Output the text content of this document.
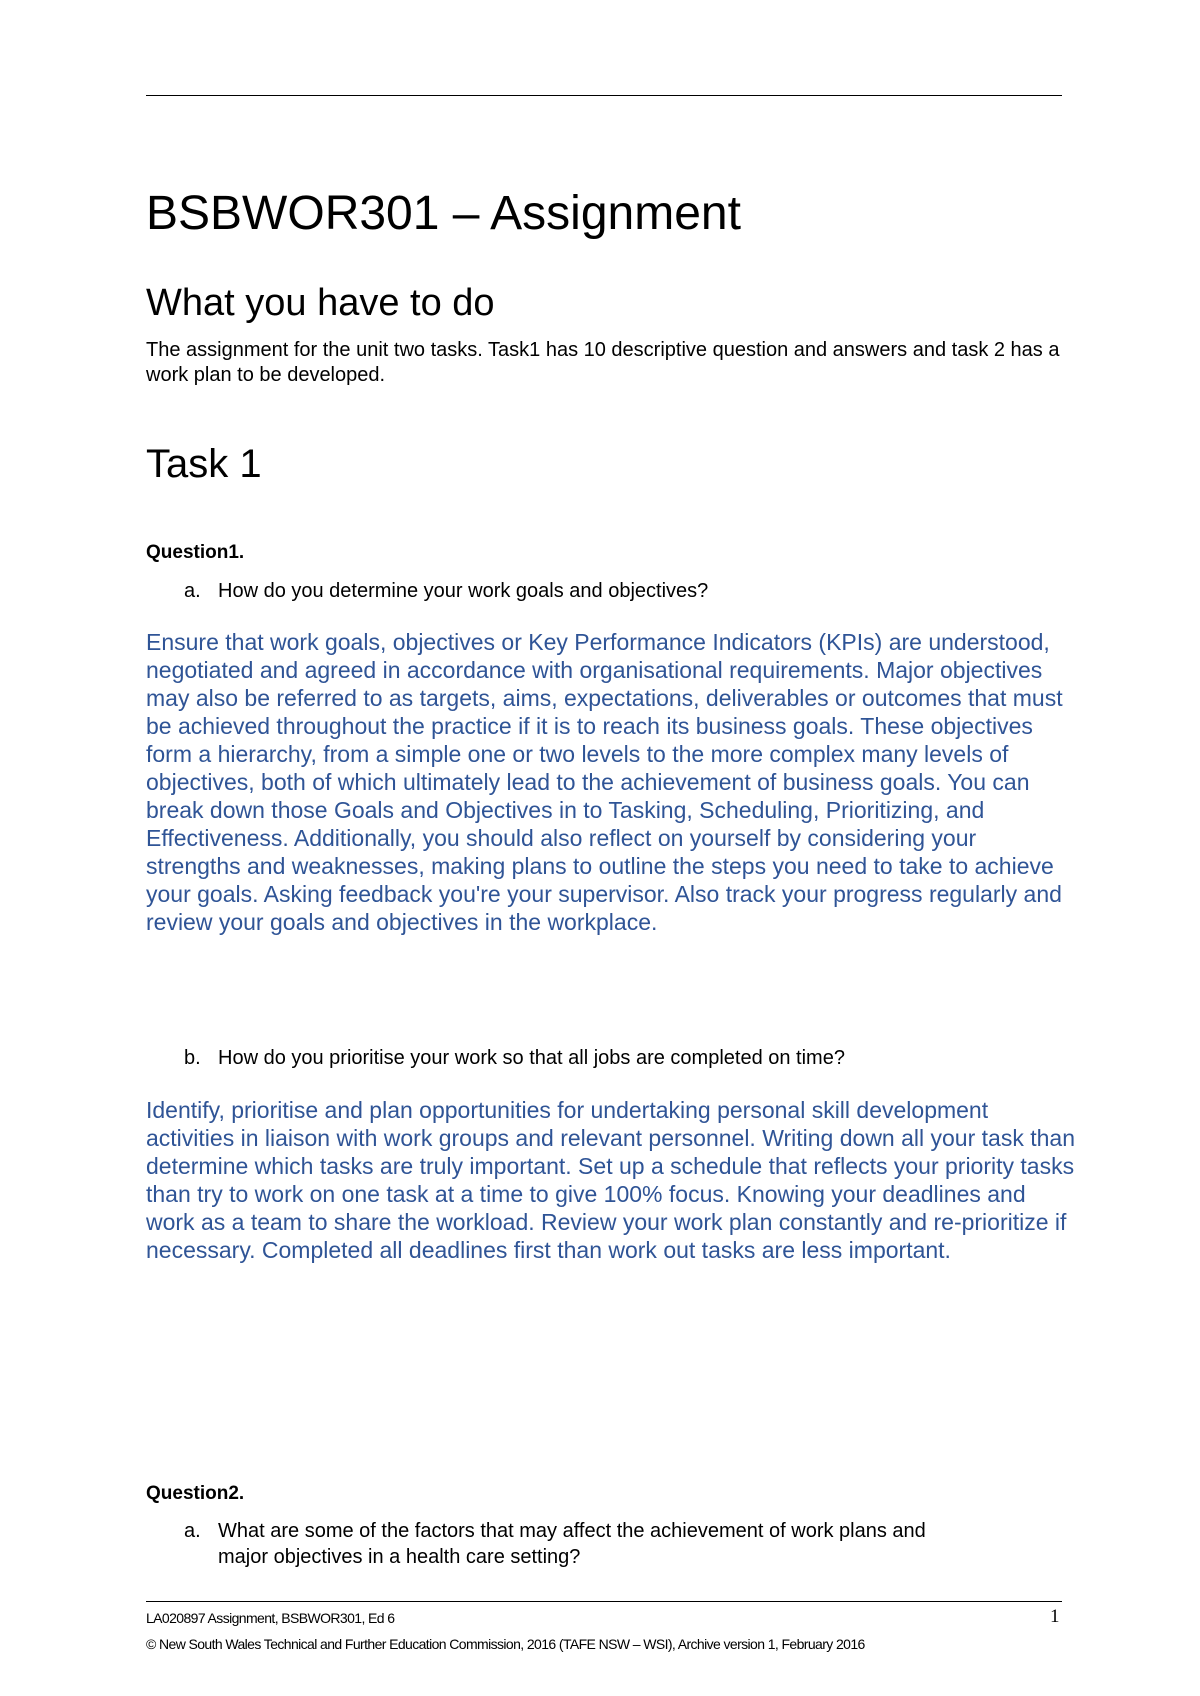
BSBWOR301 – Assignment
What you have to do

The assignment for the unit two tasks. Task1 has 10 descriptive question and answers and task 2 has a work plan to be developed.

Task 1
Question1.
a. How do you determine your work goals and objectives?

Ensure that work goals, objectives or Key Performance Indicators (KPIs) are understood, negotiated and agreed in accordance with organisational requirements. Major objectives may also be referred to as targets, aims, expectations, deliverables or outcomes that must be achieved throughout the practice if it is to reach its business goals. These objectives form a hierarchy, from a simple one or two levels to the more complex many levels of objectives, both of which ultimately lead to the achievement of business goals. You can break down those Goals and Objectives in to Tasking, Scheduling, Prioritizing, and Effectiveness. Additionally, you should also reflect on yourself by considering your strengths and weaknesses, making plans to outline the steps you need to take to achieve your goals. Asking feedback you're your supervisor. Also track your progress regularly and review your goals and objectives in the workplace.

b. How do you prioritise your work so that all jobs are completed on time?

Identify, prioritise and plan opportunities for undertaking personal skill development activities in liaison with work groups and relevant personnel. Writing down all your task than determine which tasks are truly important. Set up a schedule that reflects your priority tasks than try to work on one task at a time to give 100% focus. Knowing your deadlines and work as a team to share the workload. Review your work plan constantly and re-prioritize if necessary. Completed all deadlines first than work out tasks are less important.

Question2.
a. What are some of the factors that may affect the achievement of work plans and
major objectives in a health care setting?
LA020897 Assignment, BSBWOR301, Ed 6	1
© New South Wales Technical and Further Education Commission, 2016 (TAFE NSW – WSI), Archive version 1, February 2016
